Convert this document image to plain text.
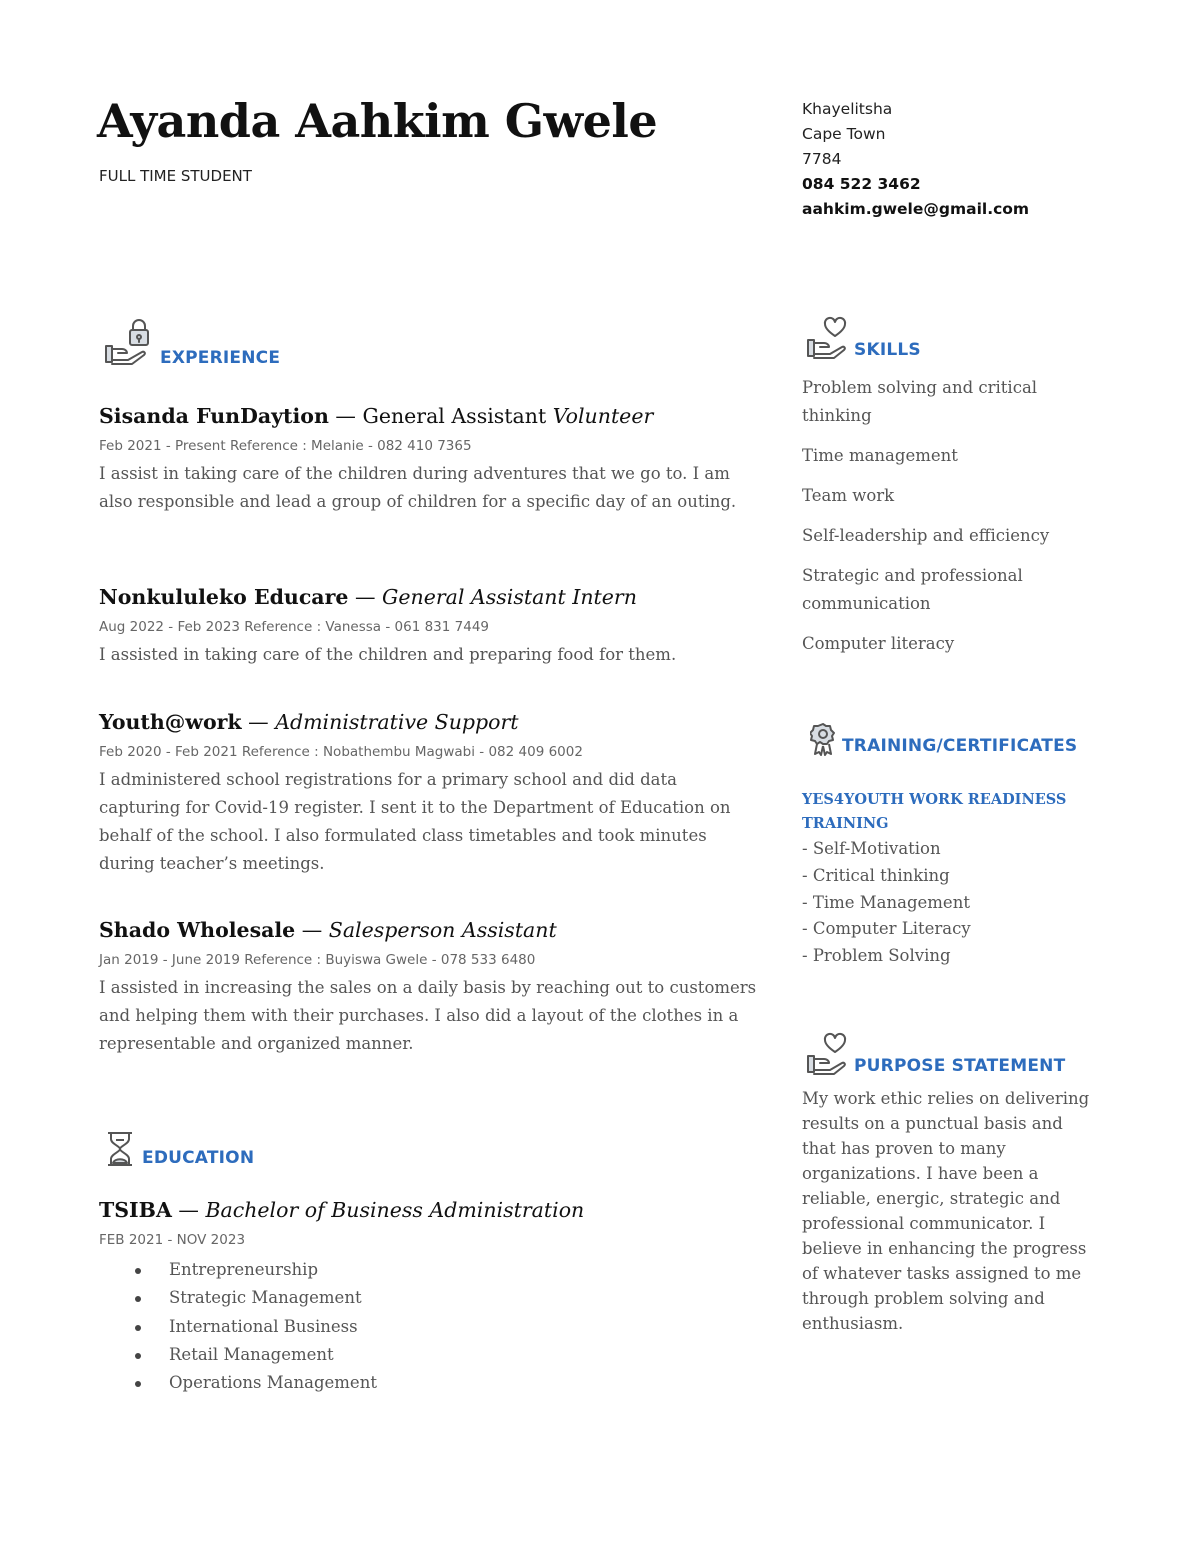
Ayanda Aahkim Gwele
FULL TIME STUDENT
Khayelitsha
Cape Town
7784
084 522 3462
aahkim.gwele@gmail.com
EXPERIENCE
Sisanda FunDaytion — General Assistant Volunteer
Feb 2021 - Present Reference : Melanie - 082 410 7365
I assist in taking care of the children during adventures that we go to. I am also responsible and lead a group of children for a specific day of an outing.
Nonkululeko Educare — General Assistant Intern
Aug 2022 - Feb 2023 Reference : Vanessa - 061 831 7449
I assisted in taking care of the children and preparing food for them.
Youth@work — Administrative Support
Feb 2020 - Feb 2021 Reference : Nobathembu Magwabi - 082 409 6002
I administered school registrations for a primary school and did data capturing for Covid-19 register. I sent it to the Department of Education on behalf of the school. I also formulated class timetables and took minutes during teacher’s meetings.
Shado Wholesale — Salesperson Assistant
Jan 2019 - June 2019 Reference : Buyiswa Gwele - 078 533 6480
I assisted in increasing the sales on a daily basis by reaching out to customers and helping them with their purchases. I also did a layout of the clothes in a representable and organized manner.
EDUCATION
TSIBA — Bachelor of Business Administration
FEB 2021 - NOV 2023
Entrepreneurship
Strategic Management
International Business
Retail Management
Operations Management
SKILLS
Problem solving and critical thinking
Time management
Team work
Self-leadership and efficiency
Strategic and professional communication
Computer literacy
TRAINING/CERTIFICATES
YES4YOUTH WORK READINESS TRAINING
- Self-Motivation
- Critical thinking
- Time Management
- Computer Literacy
- Problem Solving
PURPOSE STATEMENT
My work ethic relies on delivering results on a punctual basis and that has proven to many organizations. I have been a reliable, energic, strategic and professional communicator. I believe in enhancing the progress of whatever tasks assigned to me through problem solving and enthusiasm.
